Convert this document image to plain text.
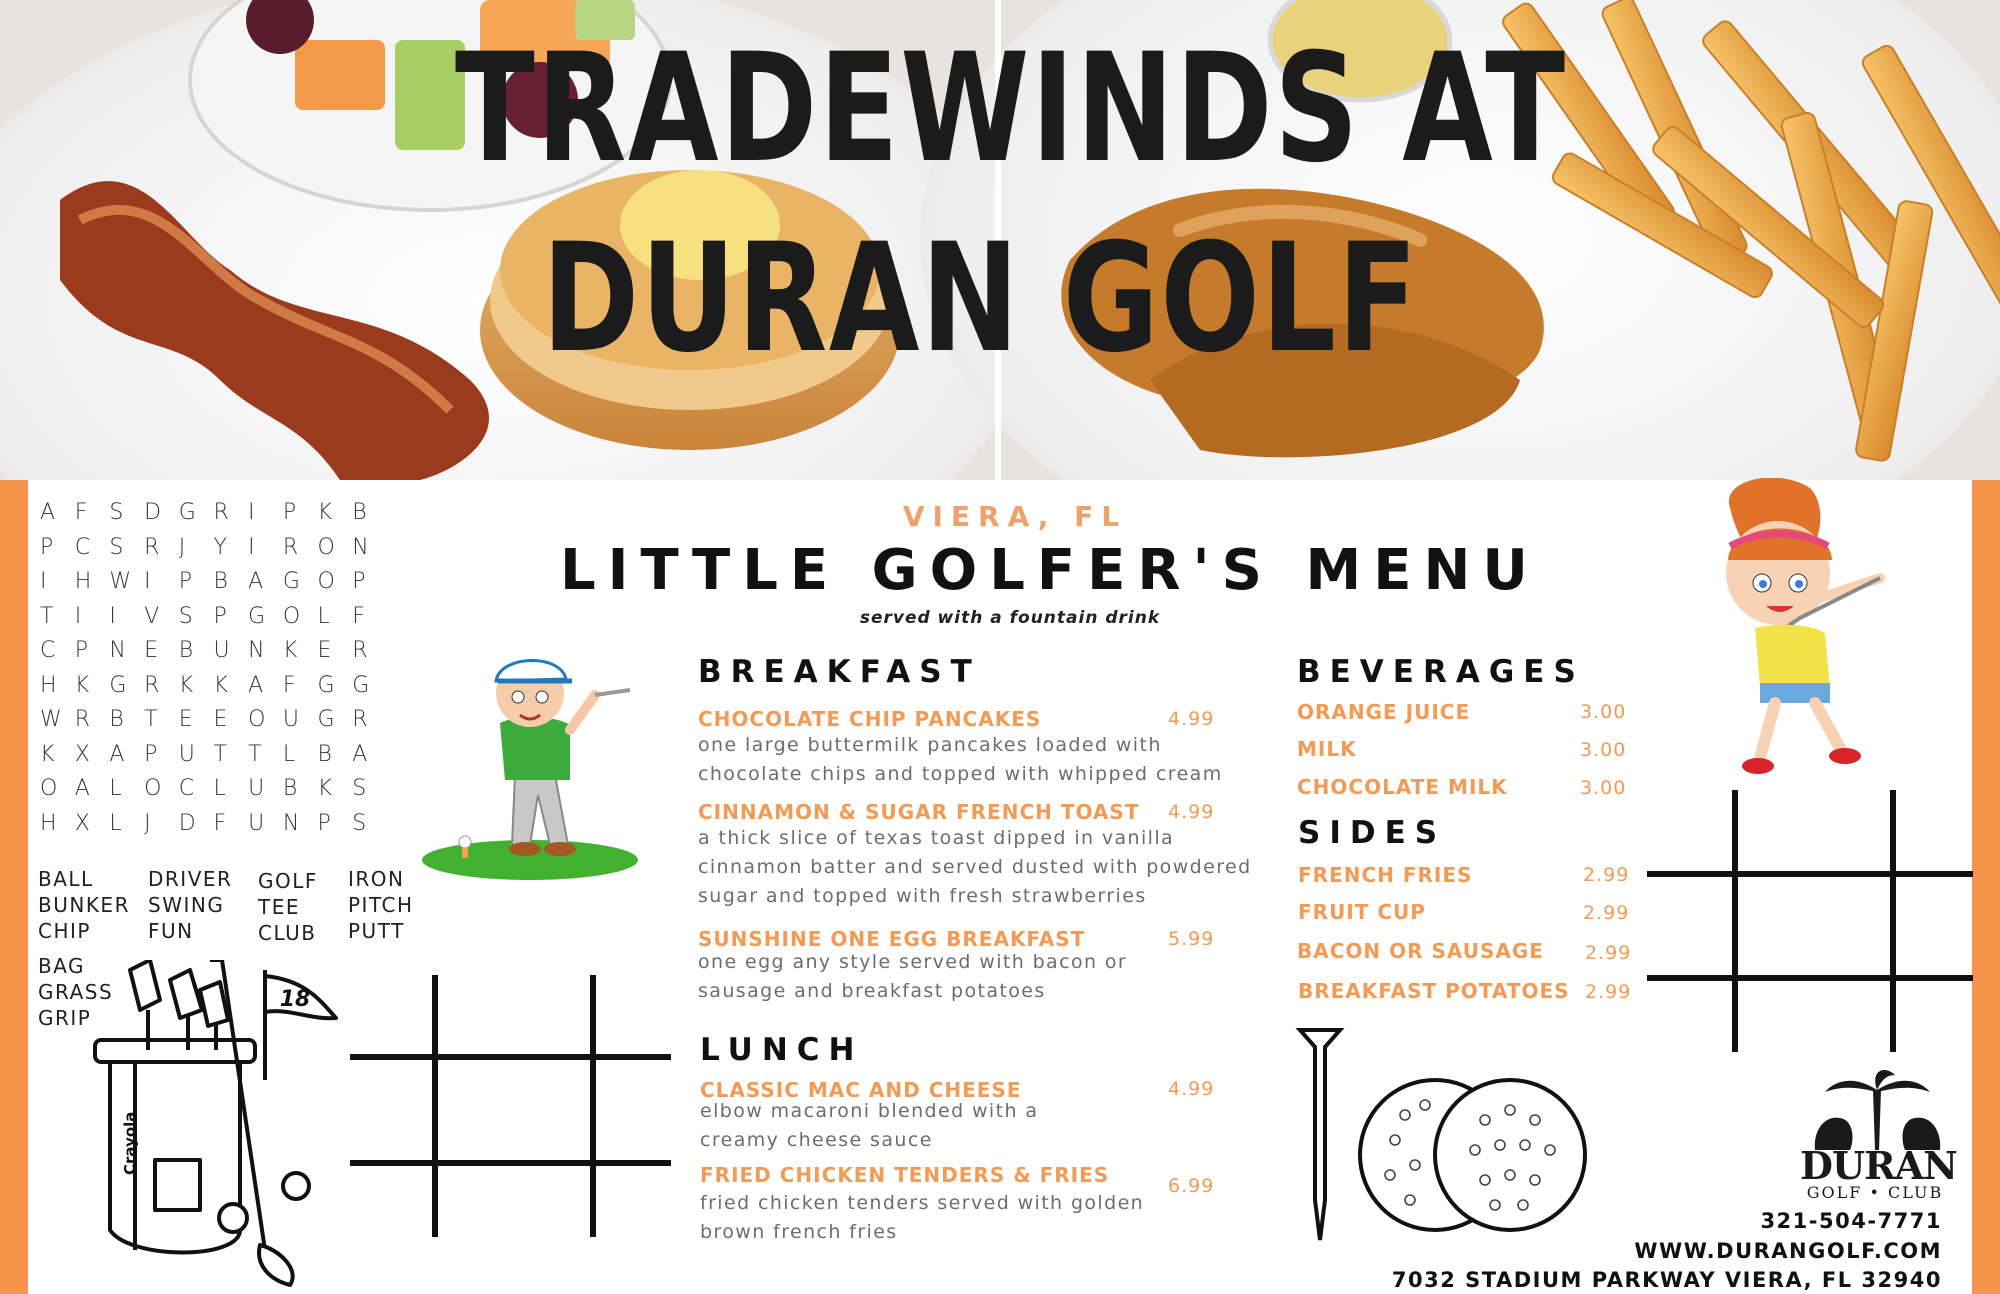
TRADEWINDS AT
DURAN GOLF
A F	S D G R I	P K B
P C S R J	Y I	R O N
I	H W I	P B A G O P
T I	I	V S P G O L	F
C P N E B U N K E R
H K G R K K A F	G G
W R B T E E O U G R
K X A P U T T L	B A
O A L	O C L	U B K S
H X L	J	D F	U N P S
BALL
BUNKER
CHIP
DRIVER
SWING
FUN
GOLF
TEE
CLUB
IRON
PITCH
PUTT
BAG
GRASS
GRIP
18
Crayola
VIERA, FL
LITTLE GOLFER'S MENU
served with a fountain drink
BREAKFAST
CHOCOLATE CHIP PANCAKES	4.99
one large buttermilk pancakes loaded with
chocolate chips and topped with whipped cream
CINNAMON & SUGAR FRENCH TOAST 4.99
a thick slice of texas toast dipped in vanilla
cinnamon batter and served dusted with powdered
sugar and topped with fresh strawberries
SUNSHINE ONE EGG BREAKFAST	5.99
one egg any style served with bacon or
sausage and breakfast potatoes
LUNCH
CLASSIC MAC AND CHEESE	4.99
elbow macaroni blended with a
creamy cheese sauce
FRIED CHICKEN TENDERS & FRIES	6.99
fried chicken tenders served with golden
brown french fries
BEVERAGES
ORANGE JUICE	3.00
MILK	3.00
CHOCOLATE MILK	3.00
SIDES
FRENCH FRIES	2.99
FRUIT CUP	2.99
BACON OR SAUSAGE 2.99
BREAKFAST POTATOES 2.99
DURAN
GOLF • CLUB
321-504-7771
WWW.DURANGOLF.COM
7032 STADIUM PARKWAY VIERA, FL 32940
